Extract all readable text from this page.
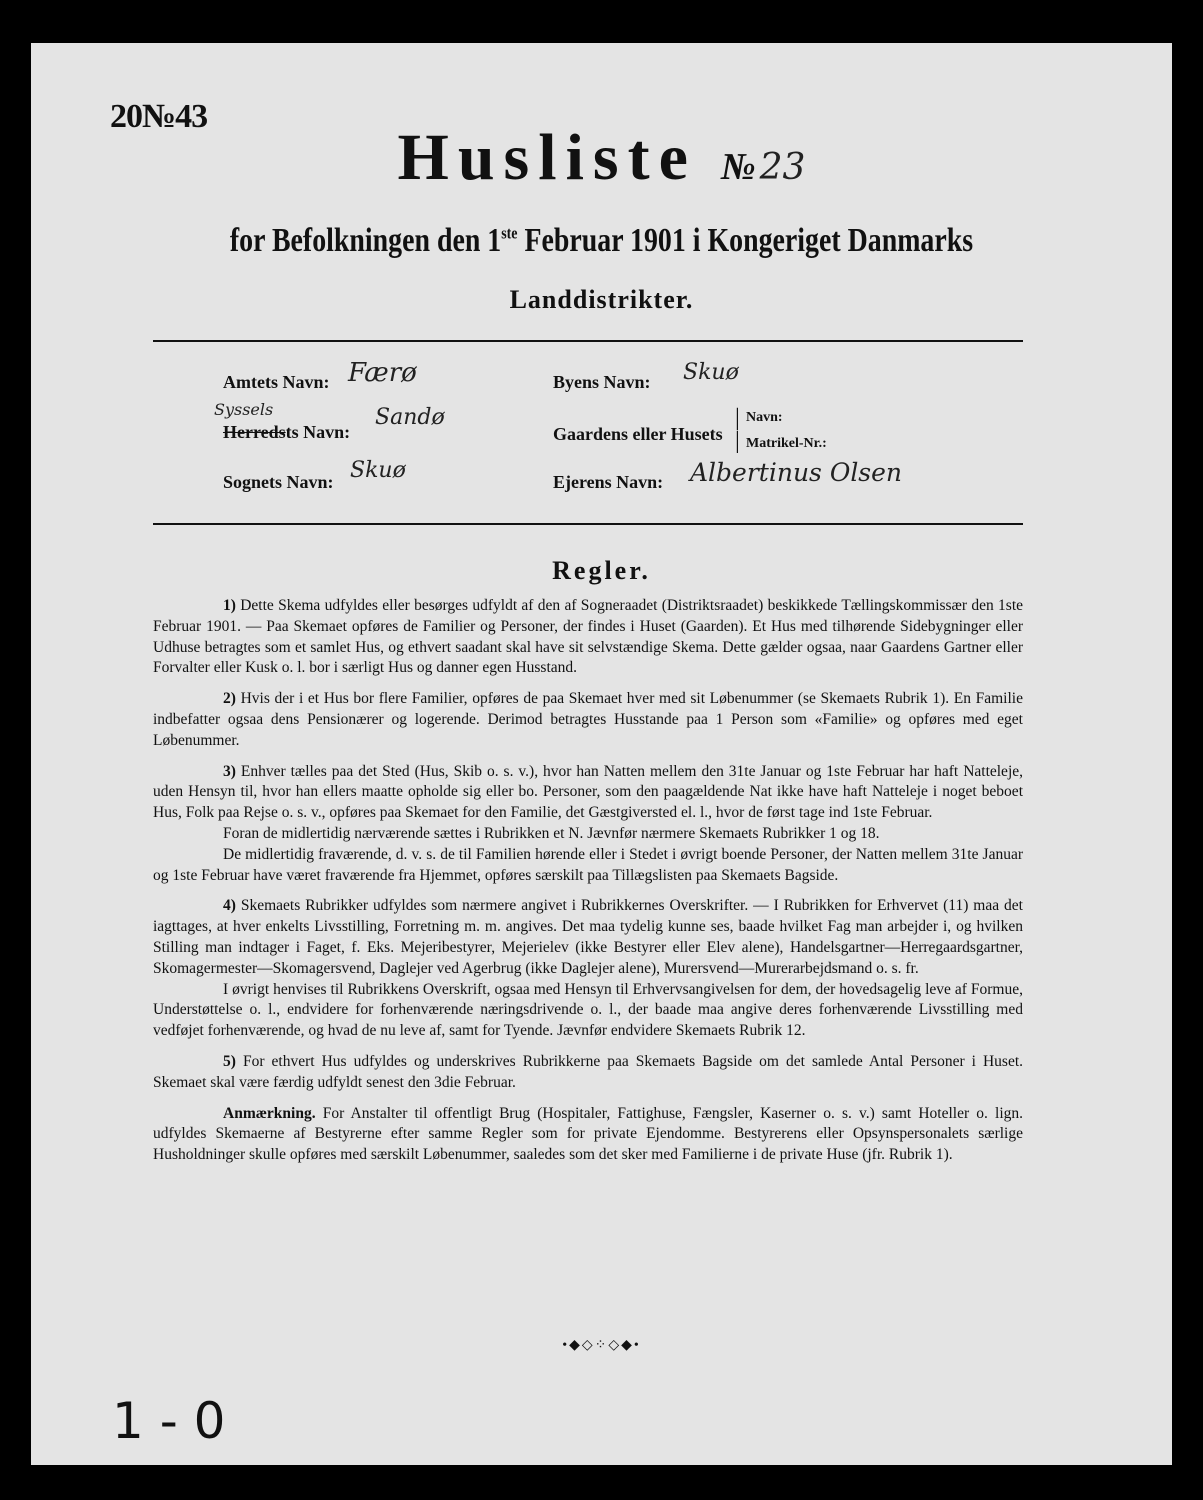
20№43
Husliste № 23
for Befolkningen den 1ste Februar 1901 i Kongeriget Danmarks
Landdistrikter.
Amtets Navn: Færø
Syssels
Herredsts Navn:
Sandø
Sognets Navn: Skuø
Byens Navn: Skuø
Gaardens eller Husets
|
|
Navn:
Matrikel-Nr.:
Ejerens Navn: Albertinus Olsen
Regler.

1) Dette Skema udfyldes eller besørges udfyldt af den af Sogneraadet (Distriktsraadet) beskikkede Tællingskommissær den 1ste Februar 1901. — Paa Skemaet opføres de Familier og Personer, der findes i Huset (Gaarden). Et Hus med tilhørende Sidebygninger eller Udhuse betragtes som et samlet Hus, og ethvert saadant skal have sit selvstændige Skema. Dette gælder ogsaa, naar Gaardens Gartner eller Forvalter eller Kusk o. l. bor i særligt Hus og danner egen Husstand.

2) Hvis der i et Hus bor flere Familier, opføres de paa Skemaet hver med sit Løbenummer (se Skemaets Rubrik 1). En Familie indbefatter ogsaa dens Pensionærer og logerende. Derimod betragtes Husstande paa 1 Person som «Familie» og opføres med eget Løbenummer.

3) Enhver tælles paa det Sted (Hus, Skib o. s. v.), hvor han Natten mellem den 31te Januar og 1ste Februar har haft Natteleje, uden Hensyn til, hvor han ellers maatte opholde sig eller bo. Personer, som den paagældende Nat ikke have haft Natteleje i noget beboet Hus, Folk paa Rejse o. s. v., opføres paa Skemaet for den Familie, det Gæstgiversted el. l., hvor de først tage ind 1ste Februar.

Foran de midlertidig nærværende sættes i Rubrikken et N. Jævnfør nærmere Skemaets Rubrikker 1 og 18.

De midlertidig fraværende, d. v. s. de til Familien hørende eller i Stedet i øvrigt boende Personer, der Natten mellem 31te Januar og 1ste Februar have været fraværende fra Hjemmet, opføres særskilt paa Tillægslisten paa Skemaets Bagside.

4) Skemaets Rubrikker udfyldes som nærmere angivet i Rubrikkernes Overskrifter. — I Rubrikken for Erhvervet (11) maa det iagttages, at hver enkelts Livsstilling, Forretning m. m. angives. Det maa tydelig kunne ses, baade hvilket Fag man arbejder i, og hvilken Stilling man indtager i Faget, f. Eks. Mejeribestyrer, Mejerielev (ikke Bestyrer eller Elev alene), Handelsgartner—Herregaardsgartner, Skomagermester—Skomagersvend, Daglejer ved Agerbrug (ikke Daglejer alene), Murersvend—Murerarbejdsmand o. s. fr.

I øvrigt henvises til Rubrikkens Overskrift, ogsaa med Hensyn til Erhvervsangivelsen for dem, der hovedsagelig leve af Formue, Understøttelse o. l., endvidere for forhenværende næringsdrivende o. l., der baade maa angive deres forhenværende Livsstilling med vedføjet forhenværende, og hvad de nu leve af, samt for Tyende. Jævnfør endvidere Skemaets Rubrik 12.

5) For ethvert Hus udfyldes og underskrives Rubrikkerne paa Skemaets Bagside om det samlede Antal Personer i Huset. Skemaet skal være færdig udfyldt senest den 3die Februar.

Anmærkning. For Anstalter til offentligt Brug (Hospitaler, Fattighuse, Fængsler, Kaserner o. s. v.) samt Hoteller o. lign. udfyldes Skemaerne af Bestyrerne efter samme Regler som for private Ejendomme. Bestyrerens eller Opsynspersonalets særlige Husholdninger skulle opføres med særskilt Løbenummer, saaledes som det sker med Familierne i de private Huse (jfr. Rubrik 1).

•◆◇⁘◇◆•
1 - 0
